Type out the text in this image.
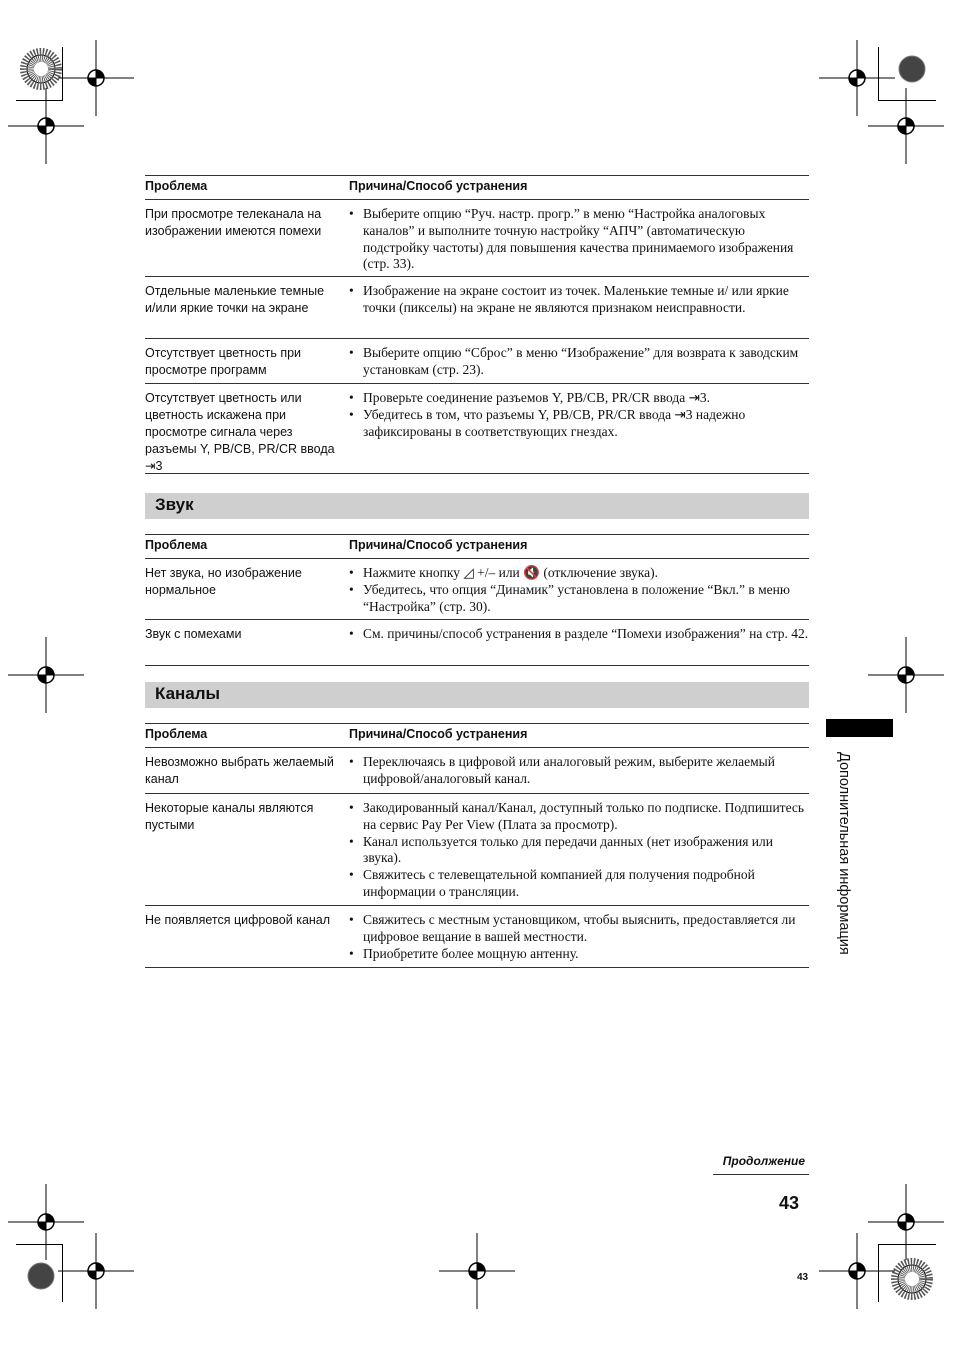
Проблема	Причина/Способ устранения
При просмотре телеканала на изображении имеются помехи
• Выберите опцию “Руч. настр. прогр.” в меню “Настройка аналоговых каналов” и выполните точную настройку “АПЧ” (автоматическую подстройку частоты) для повышения качества принимаемого изображения (стр. 33).
Отдельные маленькие темные и/или яркие точки на экране
• Изображение на экране состоит из точек. Маленькие темные и/ или яркие точки (пикселы) на экране не являются признаком неисправности.
Отсутствует цветность при просмотре программ
• Выберите опцию “Сброс” в меню “Изображение” для возврата к заводским установкам (стр. 23).
Отсутствует цветность или цветность искажена при просмотре сигнала через разъемы Y, PB/CB, PR/CR ввода ⇥3
• Проверьте соединение разъемов Y, PB/CB, PR/CR ввода ⇥3.
• Убедитесь в том, что разъемы Y, PB/CB, PR/CR ввода ⇥3 надежно зафиксированы в соответствующих гнездах.
Звук
Проблема	Причина/Способ устранения
Нет звука, но изображение нормальное
• Нажмите кнопку ◿ +/– или 🔇 (отключение звука).
• Убедитесь, что опция “Динамик” установлена в положение “Вкл.” в меню “Настройка” (стр. 30).
Звук с помехами	• См. причины/способ устранения в разделе “Помехи изображения” на стр. 42.
Каналы
Проблема	Причина/Способ устранения
Невозможно выбрать желаемый канал
• Переключаясь в цифровой или аналоговый режим, выберите желаемый цифровой/аналоговый канал.
Некоторые каналы являются пустыми
• Закодированный канал/Канал, доступный только по подписке. Подпишитесь на сервис Pay Per View (Плата за просмотр).
• Канал используется только для передачи данных (нет изображения или звука).
• Свяжитесь с телевещательной компанией для получения подробной информации о трансляции.
Не появляется цифровой канал	• Свяжитесь с местным установщиком, чтобы выяснить, предоставляется ли цифровое вещание в вашей местности.
• Приобретите более мощную антенну.	Дополнительная информация
Продолжение
43
43
